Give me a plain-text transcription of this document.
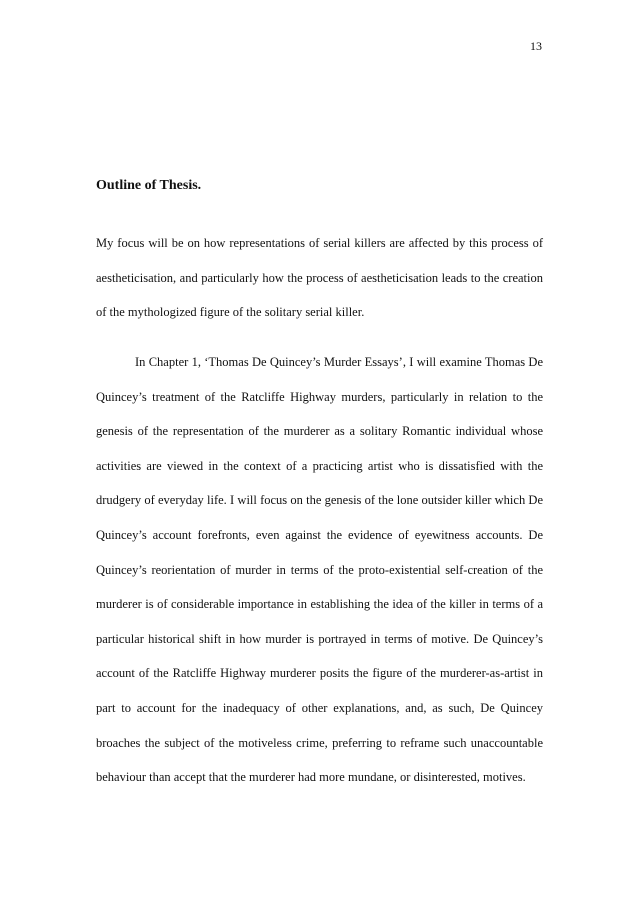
13
Outline of Thesis.

My focus will be on how representations of serial killers are affected by this process of aestheticisation, and particularly how the process of aestheticisation leads to the creation of the mythologized figure of the solitary serial killer.

In Chapter 1, ‘Thomas De Quincey’s Murder Essays’, I will examine Thomas De Quincey’s treatment of the Ratcliffe Highway murders, particularly in relation to the genesis of the representation of the murderer as a solitary Romantic individual whose activities are viewed in the context of a practicing artist who is dissatisfied with the drudgery of everyday life. I will focus on the genesis of the lone outsider killer which De Quincey’s account forefronts, even against the evidence of eyewitness accounts. De Quincey’s reorientation of murder in terms of the proto-existential self-creation of the murderer is of considerable importance in establishing the idea of the killer in terms of a particular historical shift in how murder is portrayed in terms of motive. De Quincey’s account of the Ratcliffe Highway murderer posits the figure of the murderer-as-artist in part to account for the inadequacy of other explanations, and, as such, De Quincey broaches the subject of the motiveless crime, preferring to reframe such unaccountable behaviour than accept that the murderer had more mundane, or disinterested, motives.
